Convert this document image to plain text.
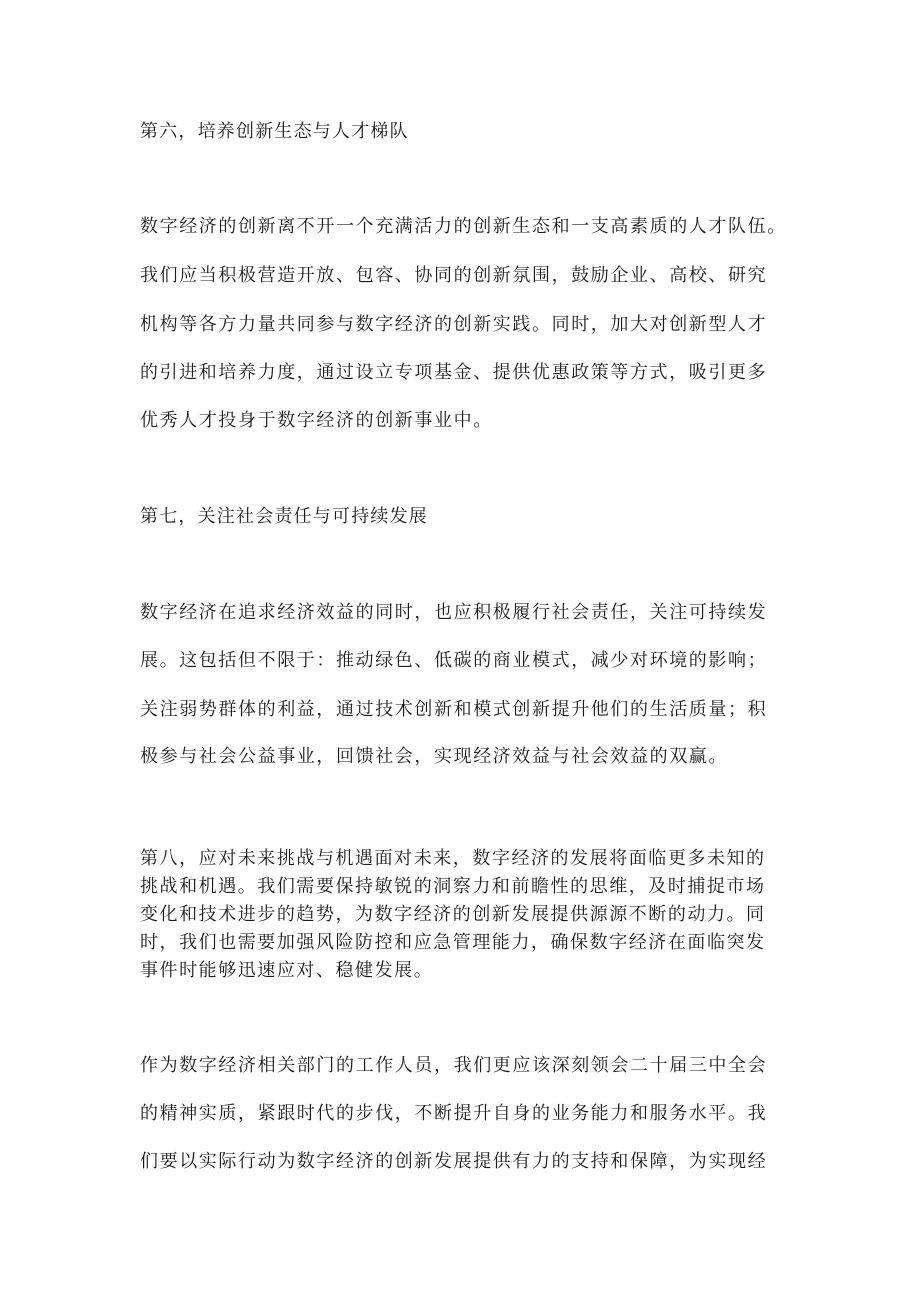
第六，培养创新生态与人才梯队
数字经济的创新离不开一个充满活力的创新生态和一支高素质的人才队伍。
我们应当积极营造开放、包容、协同的创新氛围，鼓励企业、高校、研究
机构等各方力量共同参与数字经济的创新实践。同时，加大对创新型人才
的引进和培养力度，通过设立专项基金、提供优惠政策等方式，吸引更多
优秀人才投身于数字经济的创新事业中。
第七，关注社会责任与可持续发展
数字经济在追求经济效益的同时，也应积极履行社会责任，关注可持续发
展。这包括但不限于：推动绿色、低碳的商业模式，减少对环境的影响；
关注弱势群体的利益，通过技术创新和模式创新提升他们的生活质量；积
极参与社会公益事业，回馈社会，实现经济效益与社会效益的双赢。
第八，应对未来挑战与机遇面对未来，数字经济的发展将面临更多未知的
挑战和机遇。我们需要保持敏锐的洞察力和前瞻性的思维，及时捕捉市场
变化和技术进步的趋势，为数字经济的创新发展提供源源不断的动力。同
时，我们也需要加强风险防控和应急管理能力，确保数字经济在面临突发
事件时能够迅速应对、稳健发展。
作为数字经济相关部门的工作人员，我们更应该深刻领会二十届三中全会
的精神实质，紧跟时代的步伐，不断提升自身的业务能力和服务水平。我
们要以实际行动为数字经济的创新发展提供有力的支持和保障，为实现经
